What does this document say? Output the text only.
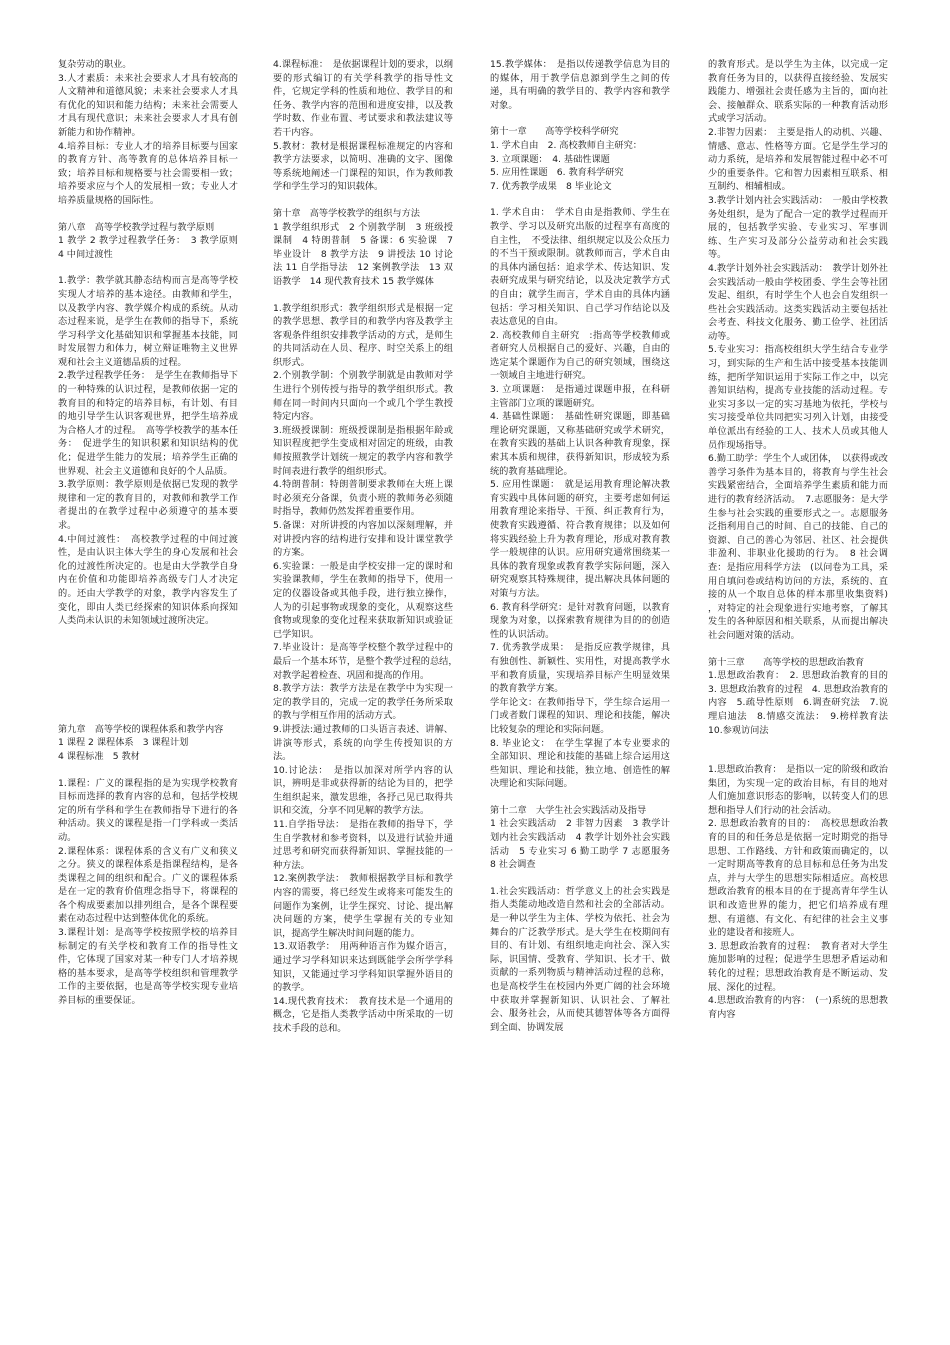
复杂劳动的职业。

3.人才素质：未来社会要求人才具有较高的人文精神和道德风貌；未来社会要求人才具有优化的知识和能力结构；未来社会需要人才具有现代意识；未来社会要求人才具有创新能力和协作精神。

4.培养目标：专业人才的培养目标要与国家的教育方针、高等教育的总体培养目标一致；培养目标和规格要与社会需要相一致；培养要求应与个人的发展相一致；专业人才培养质量规格的国际性。

第八章　高等学校教学过程与教学原则

1 教学 2 教学过程教学任务：　3 教学原则 4 中间过渡性

1.教学：教学就其静态结构而言是高等学校实现人才培养的基本途径。由教师和学生，以及教学内容、教学媒介构成的系统。从动态过程来说，是学生在教师的指导下，系统学习科学文化基础知识和掌握基本技能，同时发展智力和体力，树立辩证唯物主义世界观和社会主义道德品质的过程。

2.教学过程教学任务：　是学生在教师指导下的一种特殊的认识过程，是教师依据一定的教育目的和特定的培养目标，有计划、有目的地引导学生认识客观世界，把学生培养成为合格人才的过程。　高等学校教学的基本任务：　促进学生的知识积累和知识结构的优化；促进学生能力的发展；培养学生正确的世界观、社会主义道德和良好的个人品质。

3.教学原则：教学原则是依据已发现的教学规律和一定的教育目的，对教师和教学工作者提出的在教学过程中必须遵守的基本要求。

4.中间过渡性：　高校教学过程的中间过渡性，是由认识主体大学生的身心发展和社会化的过渡性所决定的。也是由大学教学自身内在价值和功能即培养高级专门人才决定的。还由大学教学的对象，教学内容发生了变化，即由人类已经探索的知识体系向探知人类尚未认识的未知领域过渡所决定。

第九章　高等学校的课程体系和教学内容

1 课程 2 课程体系　3 课程计划

4 课程标准　5 教材

1.课程：广义的课程指的是为实现学校教育目标而选择的教育内容的总和，包括学校规定的所有学科和学生在教师指导下进行的各种活动。狭义的课程是指一门学科或一类活动。

2.课程体系：课程体系的含义有广义和狭义之分。狭义的课程体系是指课程结构，是各类课程之间的组织和配合。广义的课程体系是在一定的教育价值理念指导下，将课程的各个构成要素加以排列组合，是各个课程要素在动态过程中达到整体优化的系统。

3.课程计划：是高等学校按照学校的培养目标制定的有关学校和教育工作的指导性文件，它体现了国家对某一种专门人才培养规格的基本要求，是高等学校组织和管理教学工作的主要依据，也是高等学校实现专业培养目标的重要保证。

4.课程标准：　是依据课程计划的要求，以纲要的形式编订的有关学科教学的指导性文件，它规定学科的性质和地位、教学目的和任务、教学内容的范围和进度安排，以及教学时数、作业布置、考试要求和教法建议等若干内容。

5.教材：教材是根据课程标准规定的内容和教学方法要求，以简明、准确的文字、图像等系统地阐述一门课程的知识，作为教师教学和学生学习的知识载体。

第十章　高等学校教学的组织与方法

1 教学组织形式　2 个别教学制　3 班级授课制　4 特朗普制　5 备课：6 实验课　7 毕业设计　8 教学方法　9 讲授法 10 讨论法 11 自学指导法　12 案例教学法　13 双语教学　14 现代教育技术 15 教学媒体

1.教学组织形式：教学组织形式是根据一定的教学思想、教学目的和教学内容及教学主客观条件组织安排教学活动的方式，是师生的共同活动在人员、程序、时空关系上的组织形式。

2.个别教学制：个别教学制就是由教师对学生进行个别传授与指导的教学组织形式。教师在同一时间内只面向一个或几个学生教授特定内容。

3.班级授课制：班级授课制是指根据年龄或知识程度把学生变成相对固定的班级，由教师按照教学计划统一规定的教学内容和教学时间表进行教学的组织形式。

4.特朗普制：特朗普制要求教师在大班上课时必须充分备课，负责小班的教师务必须随时指导，教师仍然发挥着重要作用。

5.备课：对所讲授的内容加以深刻理解，并对讲授内容的结构进行安排和设计课堂教学的方案。

6.实验课：一般是由学校安排一定的课时和实验课教师，学生在教师的指导下，使用一定的仪器设备或其他手段，进行独立操作，人为的引起事物或现象的变化，从观察这些食物或现象的变化过程来获取新知识或验证已学知识。

7.毕业设计：是高等学校整个教学过程中的最后一个基本环节，是整个教学过程的总结，　对教学起着检查、巩固和提高的作用。

8.教学方法：教学方法是在教学中为实现一定的教学目的，完成一定的教学任务所采取的教与学相互作用的活动方式。

9.讲授法:通过教师的口头语言表述、讲解、讲演等形式，系统的向学生传授知识的方法。

10.讨论法：　是指以加深对所学内容的认识，辨明是非或获得新的结论为目的，把学生组织起来，激发思维，各抒己见已取得共识和交流，分享不同见解的教学方法。

11.自学指导法：　是指在教师的指导下，学生自学教材和参考资料，以及进行试验并通过思考和研究而获得新知识、掌握技能的一种方法。

12.案例教学法：　教师根据教学目标和教学内容的需要，将已经发生或将来可能发生的问题作为案例，让学生探究、讨论、提出解决问题的方案，使学生掌握有关的专业知识，提高学生解决时间问题的能力。

13.双语教学：　用两种语言作为媒介语言，通过学习学科知识来达到既能学会所学学科知识，又能通过学习学科知识掌握外语目的的教学。

14.现代教育技术：　教育技术是一个通用的概念，它是指人类教学活动中所采取的一切技术手段的总和。

15.教学媒体：　是指以传递教学信息为目的的媒体，用于教学信息源到学生之间的传递，具有明确的教学目的、教学内容和教学对象。

第十一章　　高等学校科学研究

1. 学术自由　2. 高校教师自主研究：

3. 立项课题：　4. 基础性课题

5. 应用性课题　6. 教育科学研究

7. 优秀教学成果　8 毕业论文

1. 学术自由：　学术自由是指教师、学生在教学、学习以及研究出版的过程享有高度的自主性，　不受法律、组织规定以及公众压力的不当干预或限制。就教师而言，学术自由的具体内涵包括：追求学术、传达知识、发表研究成果与研究结论，以及决定教学方式的自由；就学生而言，学术自由的具体内涵包括：学习相关知识、自己学习作结论以及表达意见的自由。

2. 高校教师自主研究　:指高等学校教师或者研究人员根据自己的爱好、兴趣，自由的选定某个课题作为自己的研究领域，围绕这一领域自主地进行研究。

3. 立项课题：　是指通过课题申报，在科研主管部门立项的课题研究。

4. 基础性课题：　基础性研究课题，即基础理论研究课题，又称基础研究或学术研究，在教育实践的基础上认识各种教育现象，探索其本质和规律，获得新知识，形成较为系统的教育基础理论。

5. 应用性课题：　就是运用教育理论解决教育实践中具体问题的研究，主要考虑如何运用教育理论来指导、干预、纠正教育行为，使教育实践遵循、符合教育规律；以及如何将实践经验上升为教育理论，形成对教育教学一般规律的认识。应用研究通常围绕某一具体的教育现象或教育教学实际问题，深入研究观察其特殊规律，提出解决具体问题的对策与方法。

6. 教育科学研究：是针对教育问题，以教育现象为对象，以探索教育规律为目的的创造性的认识活动。

7. 优秀教学成果：　是指反应教学规律，具有独创性、新颖性、实用性，对提高教学水平和教育质量，实现培养目标产生明显效果的教育教学方案。

学年论文：在教师指导下，学生综合运用一门或者数门课程的知识、理论和技能，解决比较复杂的理论和实际问题。

8. 毕业论文：　在学生掌握了本专业要求的全部知识、理论和技能的基础上综合运用这些知识、理论和技能，独立地、创造性的解决理论和实际问题。

第十二章　大学生社会实践活动及指导

1 社会实践活动　2 非智力因素　3 教学计划内社会实践活动　4 教学计划外社会实践活动　5 专业实习 6 勤工助学 7 志愿服务　8 社会调查

1.社会实践活动：哲学意义上的社会实践是指人类能动地改造自然和社会的全部活动。是一种以学生为主体、学校为依托、社会为舞台的广泛教学形式。是大学生在校期间有目的、有计划、有组织地走向社会、深入实际，识国情、受教育、学知识、长才干、做贡献的一系列物质与精神活动过程的总称，也是高校学生在校园内外更广阔的社会环境中获取并掌握新知识、认识社会、了解社会、服务社会，从而使其德智体等各方面得到全面、协调发展

的教育形式。是以学生为主体，以完成一定教育任务为目的，以获得直接经验、发展实践能力、增强社会责任感为主旨的，面向社会、接触群众、联系实际的一种教育活动形式或学习活动。

2.非智力因素：　主要是指人的动机、兴趣、情感、意志、性格等方面。它是学生学习的动力系统，是培养和发展智能过程中必不可少的重要条件。它和智力因素相互联系、相互制约、相辅相成。

3.教学计划内社会实践活动：　一般由学校教务处组织，是为了配合一定的教学过程而开展的，包括教学实验、专业实习、军事训练、生产实习及部分公益劳动和社会实践等。

4.教学计划外社会实践活动：　教学计划外社会实践活动一般由学校团委、学生会等社团发起、组织，有时学生个人也会自发组织一些社会实践活动。这类实践活动主要包括社会考查、科技文化服务、勤工俭学、社团活动等。

5.专业实习：指高校组织大学生结合专业学习，到实际的生产和生活中接受基本技能训练，把所学知识运用于实际工作之中，以完善知识结构，提高专业技能的活动过程。专业实习多以一定的实习基地为依托，学校与实习接受单位共同把实习列入计划，由接受单位派出有经验的工人、技术人员或其他人员作现场指导。

6.勤工助学：学生个人或团体，　以获得或改善学习条件为基本目的，将教育与学生社会实践紧密结合，全面培养学生素质和能力而进行的教育经济活动。　7.志愿服务：是大学生参与社会实践的重要形式之一。志愿服务泛指利用自己的时间、自己的技能、自己的资源、自己的善心为邻居、社区、社会提供非盈利、非职业化援助的行为。　8 社会调查：是指应用科学方法　(以问卷为工具，采用自填问卷或结构访问的方法，系统的、直接的从一个取自总体的样本那里收集资料)　，对特定的社会现象进行实地考察，了解其发生的各种原因和相关联系，从而提出解决社会问题对策的活动。

第十三章　　高等学校的思想政治教育

1.思想政治教育：　2. 思想政治教育的目的　3. 思想政治教育的过程　4. 思想政治教育的内容　5.疏导性原则　6.调查研究法　7.说理启迪法　8.情感交流法：　9.榜样教育法　10.参观访问法

1.思想政治教育：　是指以一定的阶级和政治集团，为实现一定的政治目标，有目的地对人们施加意识形态的影响，以转变人们的思想和指导人们行动的社会活动。

2. 思想政治教育的目的：　高校思想政治教育的目的和任务总是依据一定时期党的指导思想、工作路线、方针和政策而确定的，以一定时期高等教育的总目标和总任务为出发点，并与大学生的思想实际相适应。高校思想政治教育的根本目的在于提高青年学生认识和改造世界的能力，把它们培养成有理想、有道德、有文化、有纪律的社会主义事业的建设者和接班人。

3. 思想政治教育的过程：　教育者对大学生施加影响的过程；促进学生思想矛盾运动和转化的过程；思想政治教育是不断运动、发展、深化的过程。

4.思想政治教育的内容：　(一)系统的思想教育内容
